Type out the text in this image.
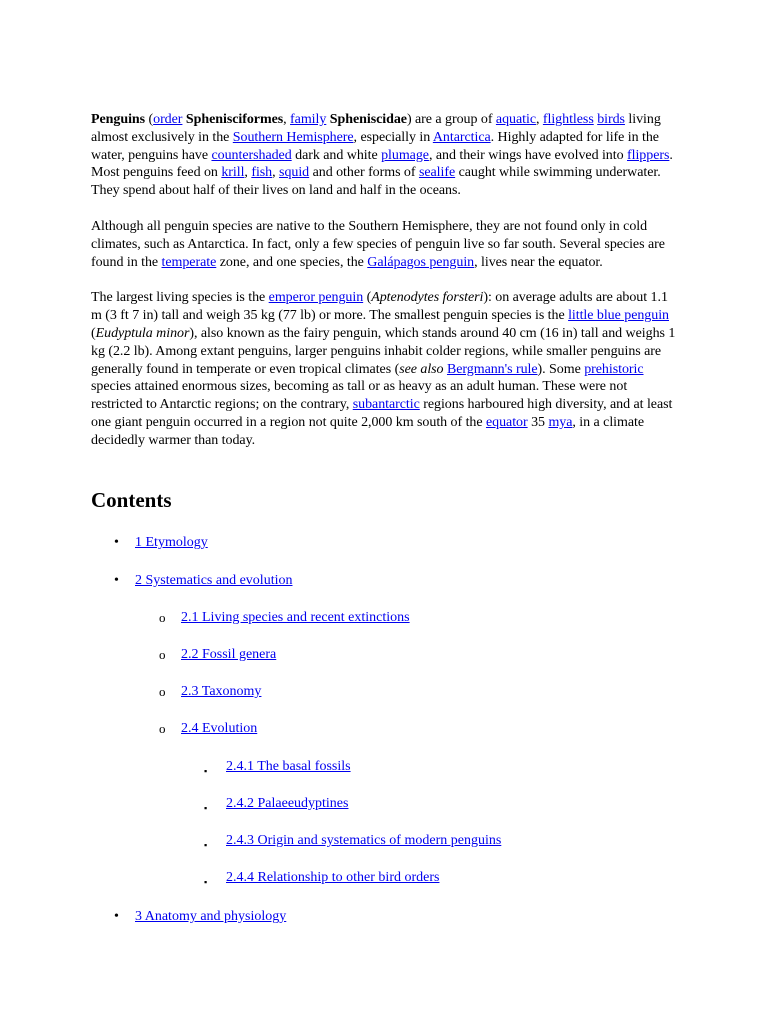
Penguins (order Sphenisciformes, family Spheniscidae) are a group of aquatic, flightless birds living almost exclusively in the Southern Hemisphere, especially in Antarctica. Highly adapted for life in the water, penguins have countershaded dark and white plumage, and their wings have evolved into flippers. Most penguins feed on krill, fish, squid and other forms of sealife caught while swimming underwater. They spend about half of their lives on land and half in the oceans.

Although all penguin species are native to the Southern Hemisphere, they are not found only in cold climates, such as Antarctica. In fact, only a few species of penguin live so far south. Several species are found in the temperate zone, and one species, the Galápagos penguin, lives near the equator.

The largest living species is the emperor penguin (Aptenodytes forsteri): on average adults are about 1.1 m (3 ft 7 in) tall and weigh 35 kg (77 lb) or more. The smallest penguin species is the little blue penguin (Eudyptula minor), also known as the fairy penguin, which stands around 40 cm (16 in) tall and weighs 1 kg (2.2 lb). Among extant penguins, larger penguins inhabit colder regions, while smaller penguins are generally found in temperate or even tropical climates (see also Bergmann's rule). Some prehistoric species attained enormous sizes, becoming as tall or as heavy as an adult human. These were not restricted to Antarctic regions; on the contrary, subantarctic regions harboured high diversity, and at least one giant penguin occurred in a region not quite 2,000 km south of the equator 35 mya, in a climate decidedly warmer than today.

Contents
• 1 Etymology
• 2 Systematics and evolution
o 2.1 Living species and recent extinctions
o 2.2 Fossil genera
o 2.3 Taxonomy
o 2.4 Evolution
▪ 2.4.1 The basal fossils
▪ 2.4.2 Palaeeudyptines
▪ 2.4.3 Origin and systematics of modern penguins
▪ 2.4.4 Relationship to other bird orders
• 3 Anatomy and physiology
